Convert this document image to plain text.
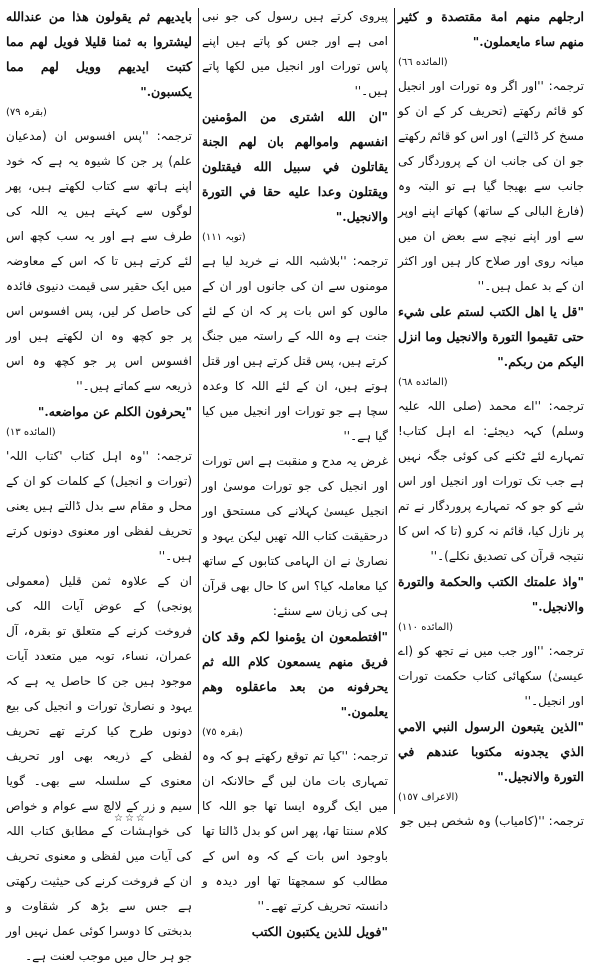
ارجلهم منهم امة مقتصدة و كثير منهم ساء مايعملون."

(المائده ٦٦)

ترجمہ: ''اور اگر وہ تورات اور انجیل کو قائم رکھتے (تحریف کر کے ان کو مسخ کر ڈالتے) اور اس کو قائم رکھتے جو ان کی جانب ان کے پروردگار کی جانب سے بھیجا گیا ہے تو البتہ وہ (فارغ البالی کے ساتھ) کھاتے اپنے اوپر سے اور اپنے نیچے سے بعض ان میں میانہ روی اور صلاح کار ہیں اور اکثر ان کے بد عمل ہیں۔''

"قل يا اهل الكتب لستم على شيء حتى تقيموا التورة والانجيل وما انزل اليكم من ربكم."

(المائده ٦٨)

ترجمہ: ''اے محمد (صلی اللہ علیہ وسلم) کہہ دیجئے: اے اہل کتاب! تمہارے لئے ٹکنے کی کوئی جگہ نہیں ہے جب تک تورات اور انجیل اور اس شے کو جو کہ تمہارے پروردگار نے تم پر نازل کیا، قائم نہ کرو (تا کہ اس کا نتیجہ قرآن کی تصدیق نکلے)۔''

"واذ علمتك الكتب والحكمة والتورة والانجيل."

(المائده ١١٠)

ترجمہ: ''اور جب میں نے تجھ کو (اے عیسیٰ) سکھائی کتاب حکمت تورات اور انجیل۔''

"الذين يتبعون الرسول النبي الامي الذي يجدونه مكتوبا عندهم في التورة والانجيل."

(الاعراف ١٥٧)

ترجمہ: ''(کامیاب) وہ شخص ہیں جو

پیروی کرتے ہیں رسول کی جو نبی امی ہے اور جس کو پاتے ہیں اپنے پاس تورات اور انجیل میں لکھا پاتے ہیں۔''

"ان الله اشترى من المؤمنين انفسهم واموالهم بان لهم الجنة يقاتلون في سبيل الله فيقتلون ويقتلون وعدا عليه حقا في التورة والانجيل."

(توبہ ١١١)

ترجمہ: ''بلاشبہ اللہ نے خرید لیا ہے مومنوں سے ان کی جانوں اور ان کے مالوں کو اس بات پر کہ ان کے لئے جنت ہے وہ اللہ کے راستہ میں جنگ کرتے ہیں، پس قتل کرتے ہیں اور قتل ہوتے ہیں، ان کے لئے اللہ کا وعدہ سچا ہے جو تورات اور انجیل میں کیا گیا ہے۔''

غرض یہ مدح و منقبت ہے اس تورات اور انجیل کی جو تورات موسیٰ اور انجیل عیسیٰ کہلانے کی مستحق اور درحقیقت کتاب اللہ تھیں لیکن یہود و نصاریٰ نے ان الہامی کتابوں کے ساتھ کیا معاملہ کیا؟ اس کا حال بھی قرآن ہی کی زبان سے سنئے:

"افتطمعون ان يؤمنوا لكم وقد كان فريق منهم يسمعون كلام الله ثم يحرفونه من بعد ماعقلوه وهم يعلمون."

(بقرہ ٧٥)

ترجمہ: ''کیا تم توقع رکھتے ہو کہ وہ تمہاری بات مان لیں گے حالانکہ ان میں ایک گروہ ایسا تھا جو اللہ کا کلام سنتا تھا، پھر اس کو بدل ڈالتا تھا باوجود اس بات کے کہ وہ اس کے مطالب کو سمجھتا تھا اور دیدہ و دانستہ تحریف کرتے تھے۔''

"فويل للذين يكتبون الكتب

بايديهم ثم يقولون هذا من عندالله ليشتروا به ثمنا قليلا فويل لهم مما كتبت ايديهم وويل لهم مما يكسبون."

(بقرہ ٧٩)

ترجمہ: ''پس افسوس ان (مدعیان علم) پر جن کا شیوہ یہ ہے کہ خود اپنے ہاتھ سے کتاب لکھتے ہیں، پھر لوگوں سے کہتے ہیں یہ اللہ کی طرف سے ہے اور یہ سب کچھ اس لئے کرتے ہیں تا کہ اس کے معاوضہ میں ایک حقیر سی قیمت دنیوی فائدہ کی حاصل کر لیں، پس افسوس اس پر جو کچھ وہ ان لکھتے ہیں اور افسوس اس پر جو کچھ وہ اس ذریعہ سے کماتے ہیں۔''

"يحرفون الكلم عن مواضعه."

(المائده ١٣)

ترجمہ: ''وہ اہل کتاب 'کتاب اللہ' (تورات و انجیل) کے کلمات کو ان کے محل و مقام سے بدل ڈالتے ہیں یعنی تحریف لفظی اور معنوی دونوں کرتے ہیں۔''

ان کے علاوہ ثمن قلیل (معمولی پونجی) کے عوض آیات اللہ کی فروخت کرنے کے متعلق تو بقرہ، آل عمران، نساء، توبہ میں متعدد آیات موجود ہیں جن کا حاصل یہ ہے کہ یہود و نصاریٰ تورات و انجیل کی بیع دونوں طرح کیا کرتے تھے تحریف لفظی کے ذریعہ بھی اور تحریف معنوی کے سلسلہ سے بھی۔ گویا سیم و زر کے لالچ سے عوام و خواص کی خواہشات کے مطابق کتاب اللہ کی آیات میں لفظی و معنوی تحریف ان کے فروخت کرنے کی حیثیت رکھتی ہے جس سے بڑھ کر شقاوت و بدبختی کا دوسرا کوئی عمل نہیں اور جو ہر حال میں موجب لعنت ہے۔

☆☆☆
